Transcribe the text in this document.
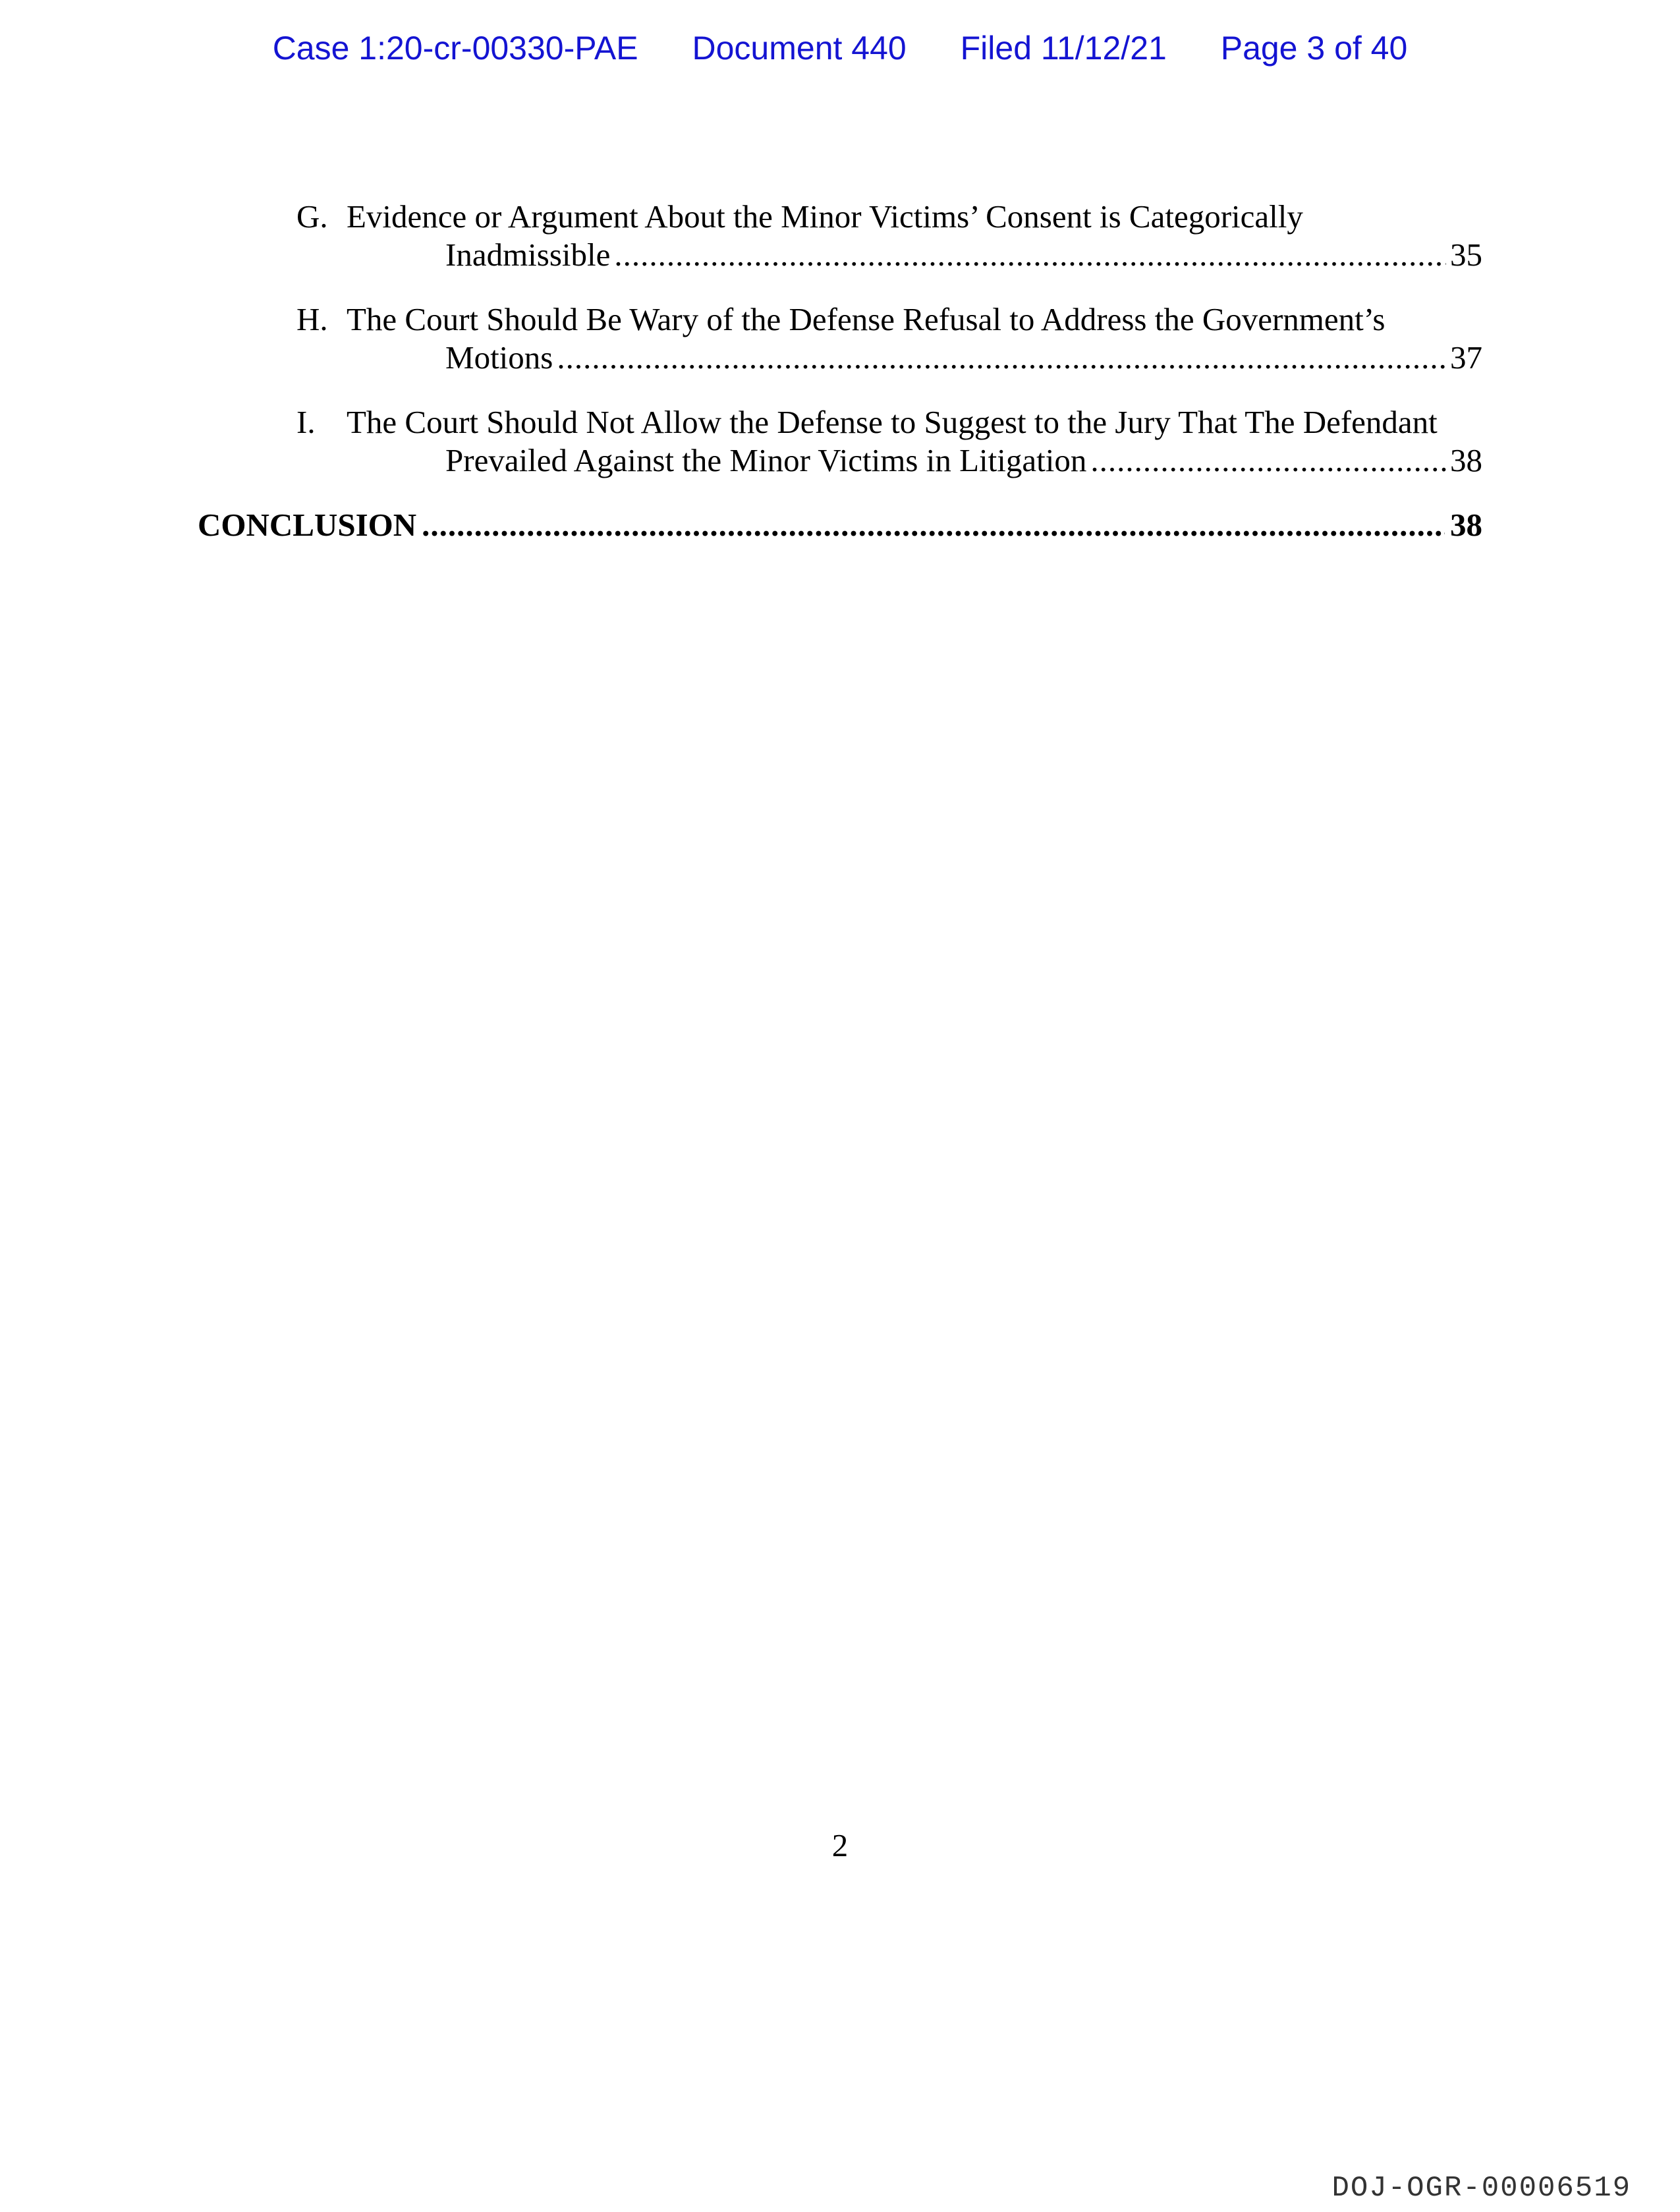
Case 1:20-cr-00330-PAE Document 440 Filed 11/12/21 Page 3 of 40
G. Evidence or Argument About the Minor Victims’ Consent is Categorically
Inadmissible .....	35
H. The Court Should Be Wary of the Defense Refusal to Address the Government’s
Motions .....	37
I. The Court Should Not Allow the Defense to Suggest to the Jury That The Defendant
Prevailed Against the Minor Victims in Litigation .....	38
CONCLUSION .....	38
2
DOJ-OGR-00006519
